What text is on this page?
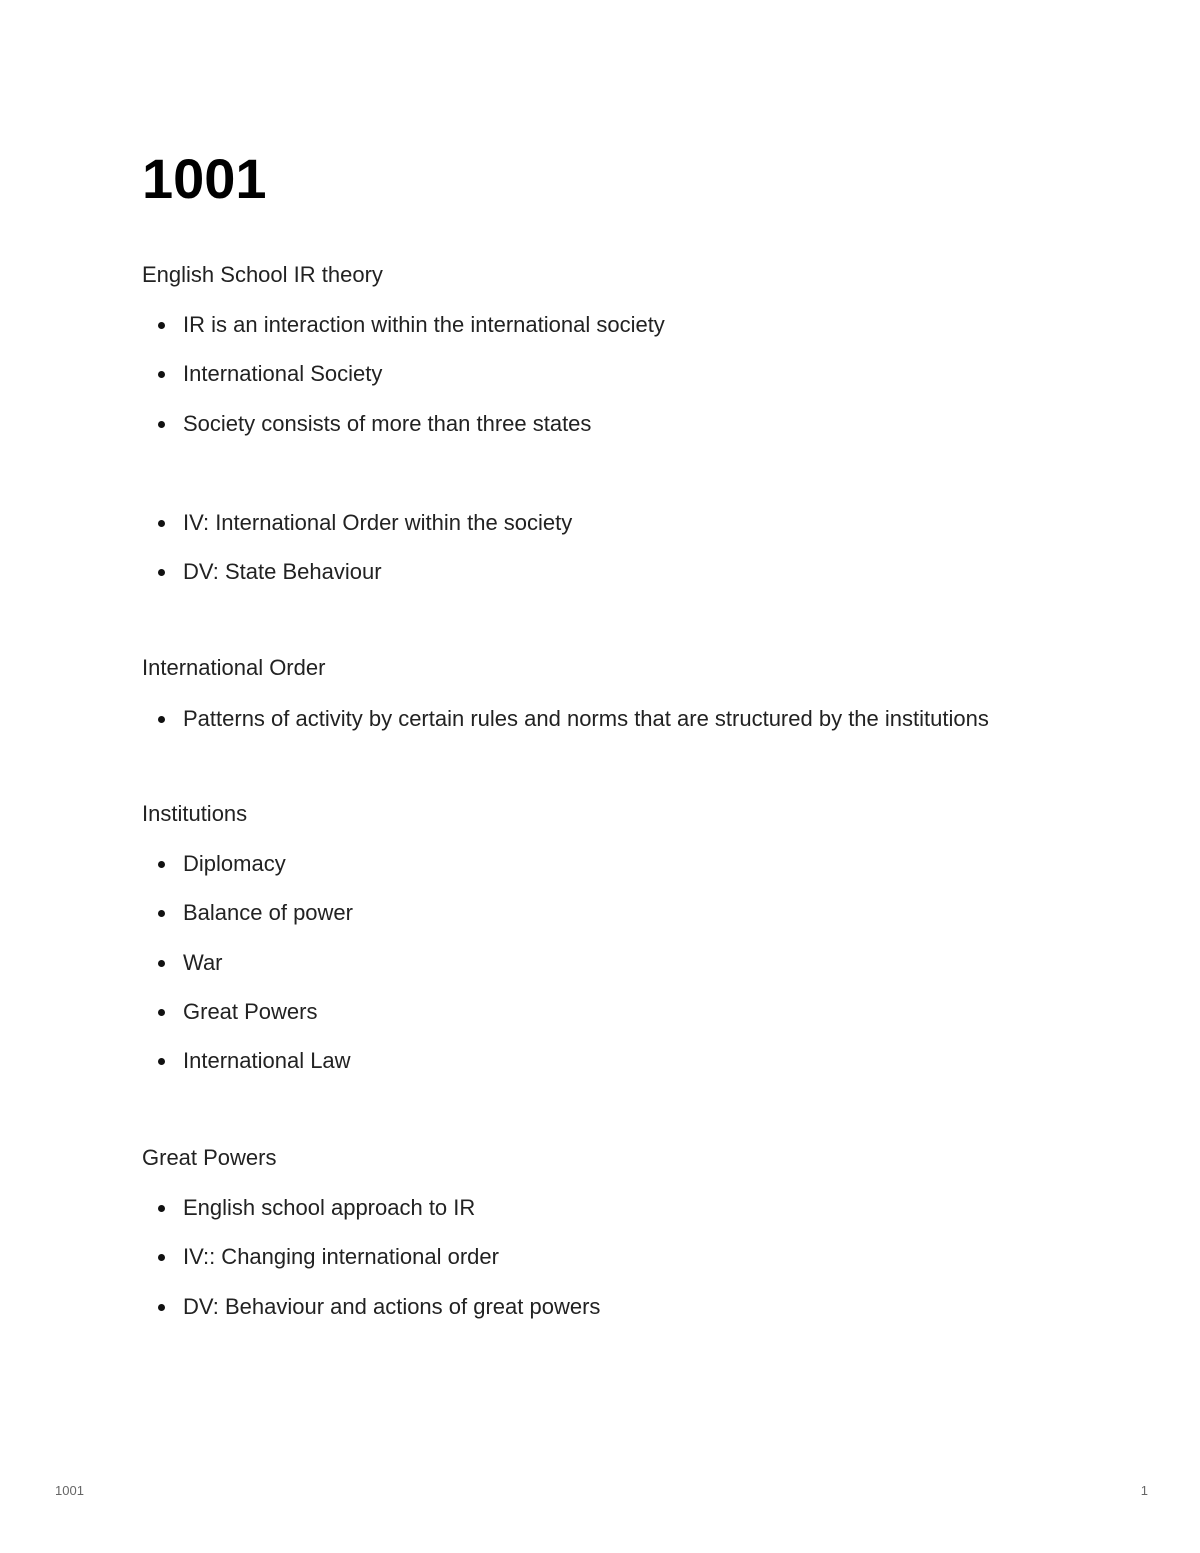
1001

English School IR theory

IR is an interaction within the international society
International Society
Society consists of more than three states
IV: International Order within the society
DV: State Behaviour

International Order

Patterns of activity by certain rules and norms that are structured by the institutions

Institutions

Diplomacy
Balance of power
War
Great Powers
International Law

Great Powers

English school approach to IR
IV:: Changing international order
DV: Behaviour and actions of great powers
1001	1
